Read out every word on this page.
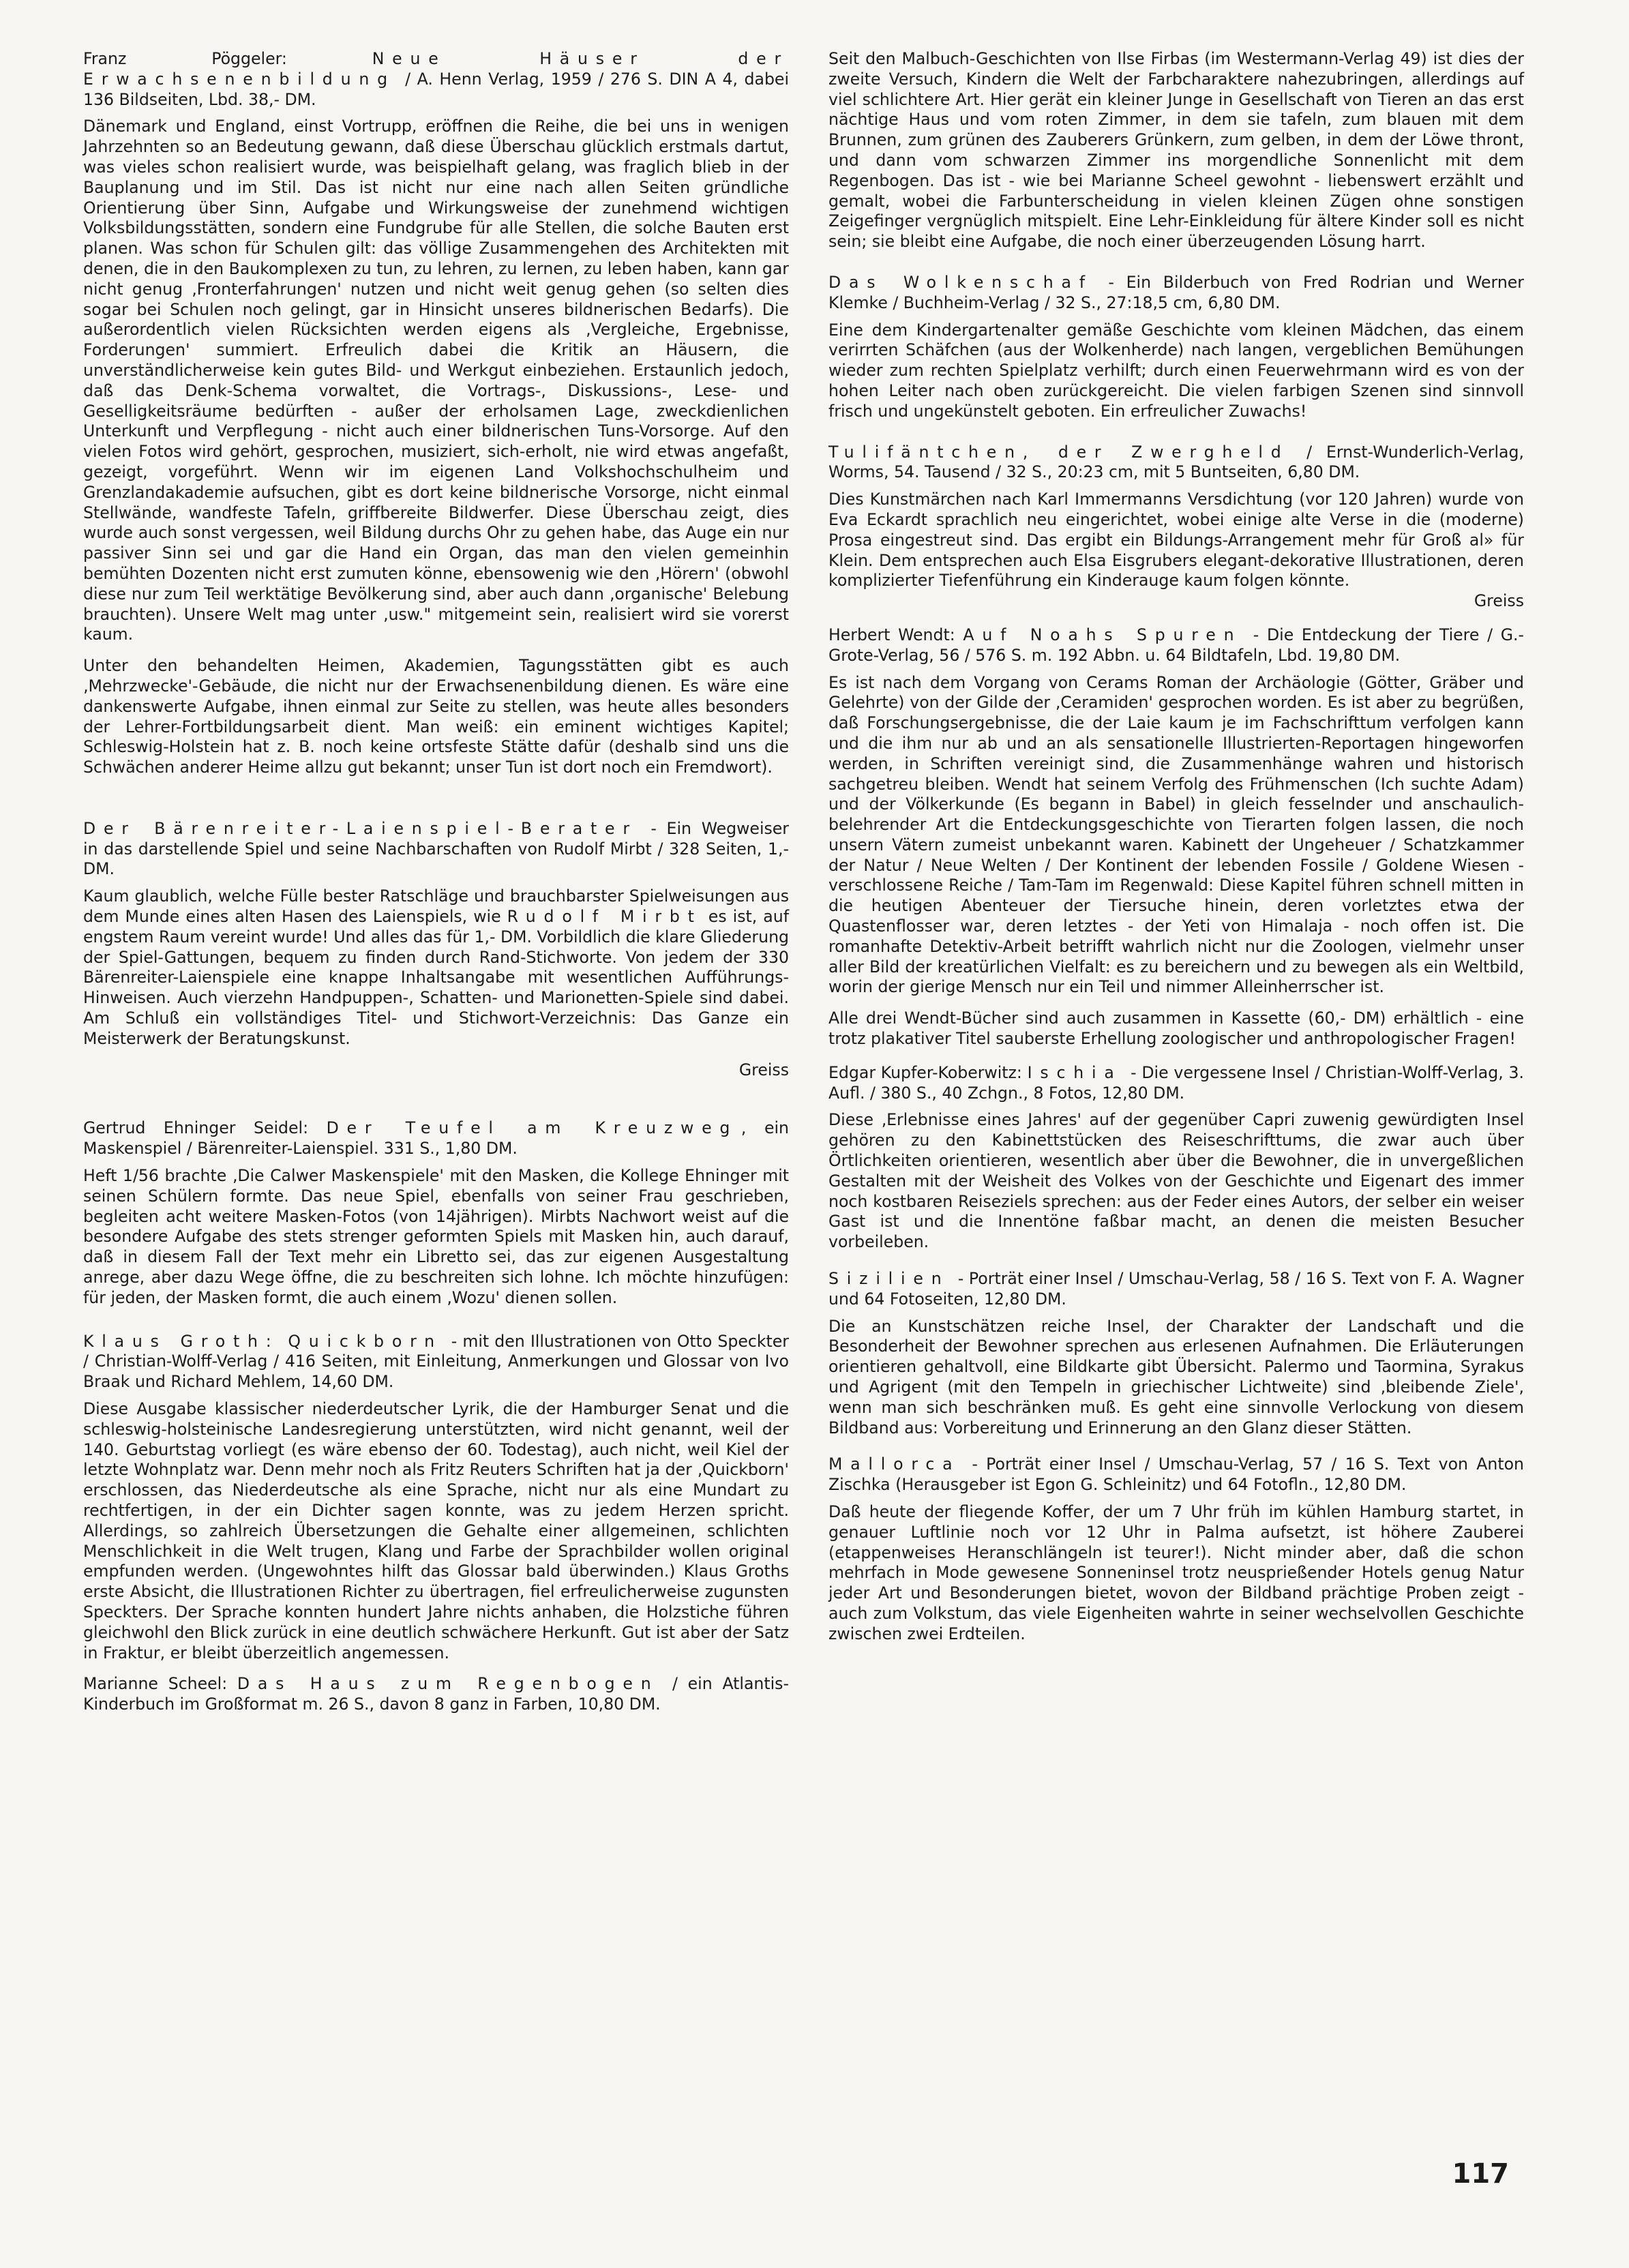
Franz Pöggeler:	Neue Häuser der Erwachsenenbildung / A. Henn Verlag, 1959 / 276 S. DIN A 4, dabei 136 Bildseiten, Lbd. 38,- DM.

Dänemark und England, einst Vortrupp, eröffnen die Reihe, die bei uns in wenigen Jahrzehnten so an Bedeutung gewann, daß diese Überschau glücklich erstmals dartut, was vieles schon realisiert wurde, was beispielhaft gelang, was fraglich blieb in der Bauplanung und im Stil. Das ist nicht nur eine nach allen Seiten gründliche Orientierung über Sinn, Aufgabe und Wirkungsweise der zunehmend wichtigen Volksbildungsstätten, sondern eine Fundgrube für alle Stellen, die solche Bauten erst planen. Was schon für Schulen gilt: das völlige Zusammengehen des Architekten mit denen, die in den Baukomplexen zu tun, zu lehren, zu lernen, zu leben haben, kann gar nicht genug ‚Fronterfahrungen' nutzen und nicht weit genug gehen (so selten dies sogar bei Schulen noch gelingt, gar in Hinsicht unseres bildnerischen Bedarfs). Die außerordentlich vielen Rücksichten werden eigens als ‚Vergleiche, Ergebnisse, Forderungen' summiert. Erfreulich dabei die Kritik an Häusern, die unverständlicherweise kein gutes Bild- und Werkgut einbeziehen. Erstaunlich jedoch, daß das Denk-Schema vorwaltet, die Vortrags-, Diskussions-, Lese- und Geselligkeitsräume bedürften - außer der erholsamen Lage, zweckdienlichen Unterkunft und Verpflegung - nicht auch einer bildnerischen Tuns-Vorsorge. Auf den vielen Fotos wird gehört, gesprochen, musiziert, sich-erholt, nie wird etwas angefaßt, gezeigt, vorgeführt. Wenn wir im eigenen Land Volkshochschulheim und Grenzlandakademie aufsuchen, gibt es dort keine bildnerische Vorsorge, nicht einmal Stellwände, wandfeste Tafeln, griffbereite Bildwerfer. Diese Überschau zeigt, dies wurde auch sonst vergessen, weil Bildung durchs Ohr zu gehen habe, das Auge ein nur passiver Sinn sei und gar die Hand ein Organ, das man den vielen gemeinhin bemühten Dozenten nicht erst zumuten könne, ebensowenig wie den ‚Hörern' (obwohl diese nur zum Teil werktätige Bevölkerung sind, aber auch dann ‚organische' Belebung brauchten). Unsere Welt mag unter ‚usw." mitgemeint sein, realisiert wird sie vorerst kaum.

Unter den behandelten Heimen, Akademien, Tagungsstätten gibt es auch ‚Mehrzwecke'-Gebäude, die nicht nur der Erwachsenenbildung dienen. Es wäre eine dankenswerte Aufgabe, ihnen einmal zur Seite zu stellen, was heute alles besonders der Lehrer-Fortbildungsarbeit dient. Man weiß: ein eminent wichtiges Kapitel; Schleswig-Holstein hat z. B. noch keine ortsfeste Stätte dafür (deshalb sind uns die Schwächen anderer Heime allzu gut bekannt; unser Tun ist dort noch ein Fremdwort).

Der Bärenreiter-Laienspiel-Berater - Ein Wegweiser in das darstellende Spiel und seine Nachbarschaften von Rudolf Mirbt / 328 Seiten, 1,- DM.

Kaum glaublich, welche Fülle bester Ratschläge und brauchbarster Spielweisungen aus dem Munde eines alten Hasen des Laienspiels, wie Rudolf Mirbt es ist, auf engstem Raum vereint wurde! Und alles das für 1,- DM. Vorbildlich die klare Gliederung der Spiel-Gattungen, bequem zu finden durch Rand-Stichworte. Von jedem der 330 Bärenreiter-Laienspiele eine knappe Inhaltsangabe mit wesentlichen Aufführungs-Hinweisen. Auch vierzehn Handpuppen-, Schatten- und Marionetten-Spiele sind dabei. Am Schluß ein vollständiges Titel- und Stichwort-Verzeichnis: Das Ganze ein Meisterwerk der Beratungskunst.

Greiss
Gertrud Ehninger Seidel: Der Teufel am Kreuzweg , ein Maskenspiel / Bärenreiter-Laienspiel. 331 S., 1,80 DM.

Heft 1/56 brachte ‚Die Calwer Maskenspiele' mit den Masken, die Kollege Ehninger mit seinen Schülern formte. Das neue Spiel, ebenfalls von seiner Frau geschrieben, begleiten acht weitere Masken-Fotos (von 14jährigen). Mirbts Nachwort weist auf die besondere Aufgabe des stets strenger geformten Spiels mit Masken hin, auch darauf, daß in diesem Fall der Text mehr ein Libretto sei, das zur eigenen Ausgestaltung anrege, aber dazu Wege öffne, die zu beschreiten sich lohne. Ich möchte hinzufügen: für jeden, der Masken formt, die auch einem ‚Wozu' dienen sollen.

Klaus Groth: Quickborn - mit den Illustrationen von Otto Speckter / Christian-Wolff-Verlag / 416 Seiten, mit Einleitung, Anmerkungen und Glossar von Ivo Braak und Richard Mehlem, 14,60 DM.

Diese Ausgabe klassischer niederdeutscher Lyrik, die der Hamburger Senat und die schleswig-holsteinische Landesregierung unterstützten, wird nicht genannt, weil der 140. Geburtstag vorliegt (es wäre ebenso der 60. Todestag), auch nicht, weil Kiel der letzte Wohnplatz war. Denn mehr noch als Fritz Reuters Schriften hat ja der ‚Quickborn' erschlossen, das Niederdeutsche als eine Sprache, nicht nur als eine Mundart zu rechtfertigen, in der ein Dichter sagen konnte, was zu jedem Herzen spricht. Allerdings, so zahlreich Übersetzungen die Gehalte einer allgemeinen, schlichten Menschlichkeit in die Welt trugen, Klang und Farbe der Sprachbilder wollen original empfunden werden. (Ungewohntes hilft das Glossar bald überwinden.) Klaus Groths erste Absicht, die Illustrationen Richter zu übertragen, fiel erfreulicherweise zugunsten Speckters. Der Sprache konnten hundert Jahre nichts anhaben, die Holzstiche führen gleichwohl den Blick zurück in eine deutlich schwächere Herkunft. Gut ist aber der Satz in Fraktur, er bleibt überzeitlich angemessen.

Marianne Scheel: Das Haus zum Regenbogen / ein Atlantis-Kinderbuch im Großformat m. 26 S., davon 8 ganz in Farben, 10,80 DM.

Seit den Malbuch-Geschichten von Ilse Firbas (im Westermann-Verlag 49) ist dies der zweite Versuch, Kindern die Welt der Farbcharaktere nahezubringen, allerdings auf viel schlichtere Art. Hier gerät ein kleiner Junge in Gesellschaft von Tieren an das erst nächtige Haus und vom roten Zimmer, in dem sie tafeln, zum blauen mit dem Brunnen, zum grünen des Zauberers Grünkern, zum gelben, in dem der Löwe thront, und dann vom schwarzen Zimmer ins morgendliche Sonnenlicht mit dem Regenbogen. Das ist - wie bei Marianne Scheel gewohnt - liebenswert erzählt und gemalt, wobei die Farbunterscheidung in vielen kleinen Zügen ohne sonstigen Zeigefinger vergnüglich mitspielt. Eine Lehr-Einkleidung für ältere Kinder soll es nicht sein; sie bleibt eine Aufgabe, die noch einer überzeugenden Lösung harrt.

Das Wolkenschaf - Ein Bilderbuch von Fred Rodrian und Werner Klemke / Buchheim-Verlag / 32 S., 27:18,5 cm, 6,80 DM.

Eine dem Kindergartenalter gemäße Geschichte vom kleinen Mädchen, das einem verirrten Schäfchen (aus der Wolkenherde) nach langen, vergeblichen Bemühungen wieder zum rechten Spielplatz verhilft; durch einen Feuerwehrmann wird es von der hohen Leiter nach oben zurückgereicht. Die vielen farbigen Szenen sind sinnvoll frisch und ungekünstelt geboten. Ein erfreulicher Zuwachs!

Tulifäntchen, der Zwergheld / Ernst-Wunderlich-Verlag, Worms, 54. Tausend / 32 S., 20:23 cm, mit 5 Buntseiten, 6,80 DM.

Dies Kunstmärchen nach Karl Immermanns Versdichtung (vor 120 Jahren) wurde von Eva Eckardt sprachlich neu eingerichtet, wobei einige alte Verse in die (moderne) Prosa eingestreut sind. Das ergibt ein Bildungs-Arrangement mehr für Groß al» für Klein. Dem entsprechen auch Elsa Eisgrubers elegant-dekorative Illustrationen, deren komplizierter Tiefenführung ein Kinderauge kaum folgen könnte.

Greiss
Herbert Wendt: Auf Noahs Spuren - Die Entdeckung der Tiere / G.-Grote-Verlag, 56 / 576 S. m. 192 Abbn. u. 64 Bildtafeln, Lbd. 19,80 DM.

Es ist nach dem Vorgang von Cerams Roman der Archäologie (Götter, Gräber und Gelehrte) von der Gilde der ‚Ceramiden' gesprochen worden. Es ist aber zu begrüßen, daß Forschungsergebnisse, die der Laie kaum je im Fachschrifttum verfolgen kann und die ihm nur ab und an als sensationelle Illustrierten-Reportagen hingeworfen werden, in Schriften vereinigt sind, die Zusammenhänge wahren und historisch sachgetreu bleiben. Wendt hat seinem Verfolg des Frühmenschen (Ich suchte Adam) und der Völkerkunde (Es begann in Babel) in gleich fesselnder und anschaulich-belehrender Art die Entdeckungsgeschichte von Tierarten folgen lassen, die noch unsern Vätern zumeist unbekannt waren. Kabinett der Ungeheuer / Schatzkammer der Natur / Neue Welten / Der Kontinent der lebenden Fossile / Goldene Wiesen - verschlossene Reiche / Tam-Tam im Regenwald: Diese Kapitel führen schnell mitten in die heutigen Abenteuer der Tiersuche hinein, deren vorletztes etwa der Quastenflosser war, deren letztes - der Yeti von Himalaja - noch offen ist. Die romanhafte Detektiv-Arbeit betrifft wahrlich nicht nur die Zoologen, vielmehr unser aller Bild der kreatürlichen Vielfalt: es zu bereichern und zu bewegen als ein Weltbild, worin der gierige Mensch nur ein Teil und nimmer Alleinherrscher ist.

Alle drei Wendt-Bücher sind auch zusammen in Kassette (60,- DM) erhältlich - eine trotz plakativer Titel sauberste Erhellung zoologischer und anthropologischer Fragen!

Edgar Kupfer-Koberwitz: Ischia - Die vergessene Insel / Christian-Wolff-Verlag, 3. Aufl. / 380 S., 40 Zchgn., 8 Fotos, 12,80 DM.

Diese ‚Erlebnisse eines Jahres' auf der gegenüber Capri zuwenig gewürdigten Insel gehören zu den Kabinettstücken des Reiseschrifttums, die zwar auch über Örtlichkeiten orientieren, wesentlich aber über die Bewohner, die in unvergeßlichen Gestalten mit der Weisheit des Volkes von der Geschichte und Eigenart des immer noch kostbaren Reiseziels sprechen: aus der Feder eines Autors, der selber ein weiser Gast ist und die Innentöne faßbar macht, an denen die meisten Besucher vorbeileben.

Sizilien - Porträt einer Insel / Umschau-Verlag, 58 / 16 S. Text von F. A. Wagner und 64 Fotoseiten, 12,80 DM.

Die an Kunstschätzen reiche Insel, der Charakter der Landschaft und die Besonderheit der Bewohner sprechen aus erlesenen Aufnahmen. Die Erläuterungen orientieren gehaltvoll, eine Bildkarte gibt Übersicht. Palermo und Taormina, Syrakus und Agrigent (mit den Tempeln in griechischer Lichtweite) sind ‚bleibende Ziele', wenn man sich beschränken muß. Es geht eine sinnvolle Verlockung von diesem Bildband aus: Vorbereitung und Erinnerung an den Glanz dieser Stätten.

Mallorca - Porträt einer Insel / Umschau-Verlag, 57 / 16 S. Text von Anton Zischka (Herausgeber ist Egon G. Schleinitz) und 64 Fotofln., 12,80 DM.

Daß heute der fliegende Koffer, der um 7 Uhr früh im kühlen Hamburg startet, in genauer Luftlinie noch vor 12 Uhr in Palma aufsetzt, ist höhere Zauberei (etappenweises Heranschlängeln ist teurer!). Nicht minder aber, daß die schon mehrfach in Mode gewesene Sonneninsel trotz neusprießender Hotels genug Natur jeder Art und Besonderungen bietet, wovon der Bildband prächtige Proben zeigt - auch zum Volkstum, das viele Eigenheiten wahrte in seiner wechselvollen Geschichte zwischen zwei Erdteilen.

117
